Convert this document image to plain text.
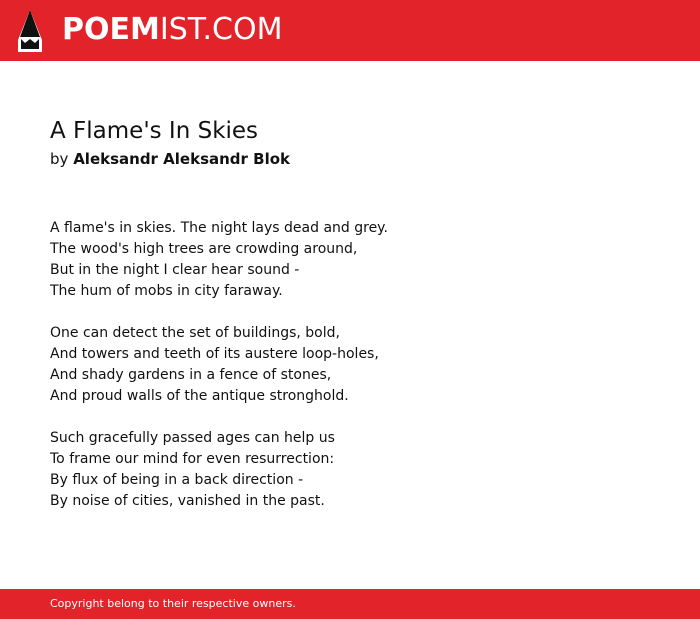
POEMIST.COM
A Flame's In Skies
by Aleksandr Aleksandr Blok
A flame's in skies. The night lays dead and grey.
The wood's high trees are crowding around,
But in the night I clear hear sound -
The hum of mobs in city faraway.
One can detect the set of buildings, bold,
And towers and teeth of its austere loop-holes,
And shady gardens in a fence of stones,
And proud walls of the antique stronghold.
Such gracefully passed ages can help us
To frame our mind for even resurrection:
By flux of being in a back direction -
By noise of cities, vanished in the past.
Copyright belong to their respective owners.
